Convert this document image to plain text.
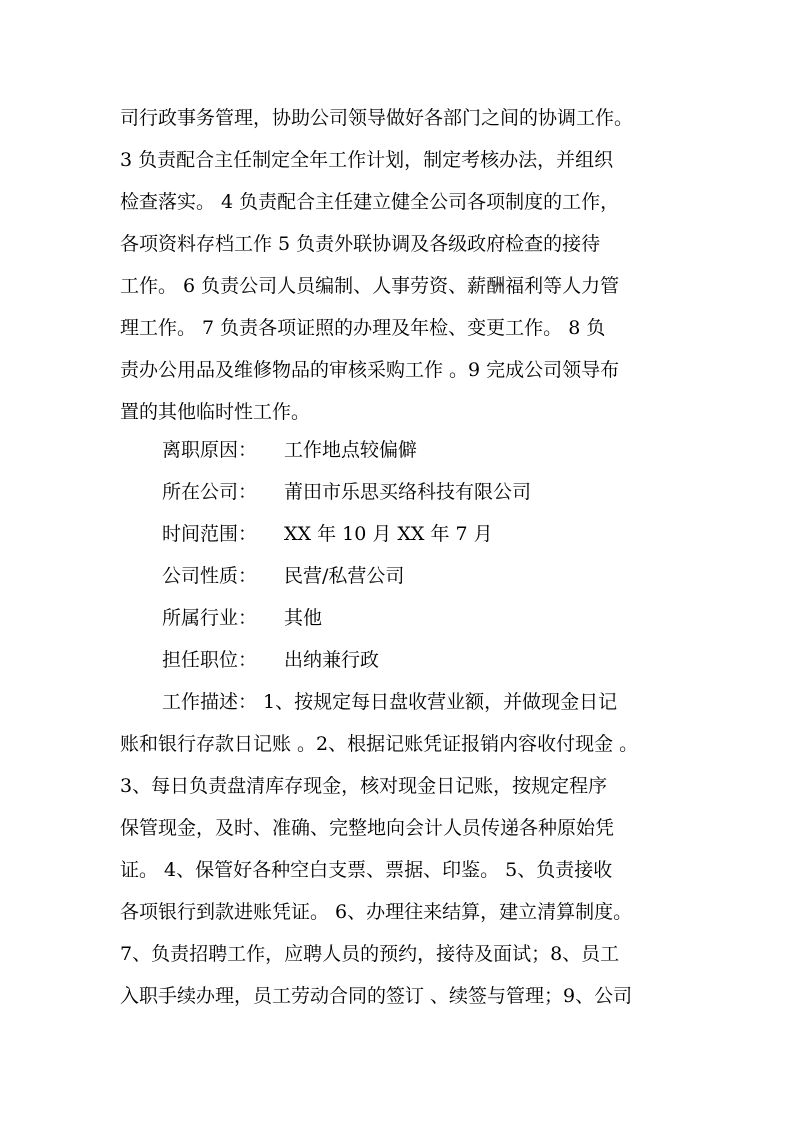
司行政事务管理，协助公司领导做好各部门之间的协调工作。
3 负责配合主任制定全年工作计划，制定考核办法，并组织
检查落实。 4 负责配合主任建立健全公司各项制度的工作，
各项资料存档工作 5 负责外联协调及各级政府检查的接待
工作。 6 负责公司人员编制、人事劳资、薪酬福利等人力管
理工作。 7 负责各项证照的办理及年检、变更工作。 8 负
责办公用品及维修物品的审核采购工作 。9 完成公司领导布
置的其他临时性工作。
离职原因： 工作地点较偏僻
所在公司： 莆田市乐思买络科技有限公司
时间范围： XX 年 10 月 XX 年 7 月
公司性质： 民营/私营公司
所属行业： 其他
担任职位： 出纳兼行政
工作描述： 1、按规定每日盘收营业额，并做现金日记
账和银行存款日记账 。2、根据记账凭证报销内容收付现金 。
3、每日负责盘清库存现金，核对现金日记账，按规定程序
保管现金，及时、准确、完整地向会计人员传递各种原始凭
证。 4、保管好各种空白支票、票据、印鉴。 5、负责接收
各项银行到款进账凭证。 6、办理往来结算，建立清算制度。
7、负责招聘工作，应聘人员的预约，接待及面试；8、员工
入职手续办理，员工劳动合同的签订 、续签与管理；9、公司
